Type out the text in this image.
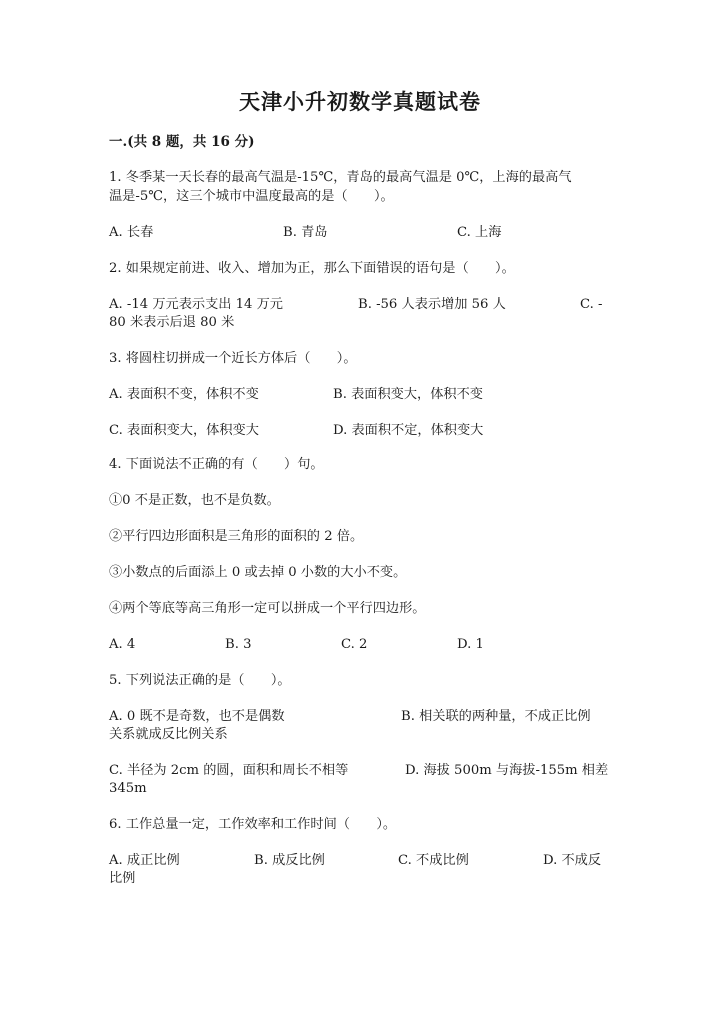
天津小升初数学真题试卷
一.(共 8 题，共 16 分)
1. 冬季某一天长春的最高气温是-15℃，青岛的最高气温是 0℃，上海的最高气
温是-5℃，这三个城市中温度最高的是（　　）。
A. 长春	B. 青岛	C. 上海
2. 如果规定前进、收入、增加为正，那么下面错误的语句是（　　）。
A. -14 万元表示支出 14 万元	B. -56 人表示增加 56 人	C. -
80 米表示后退 80 米
3. 将圆柱切拼成一个近长方体后（　　）。
A. 表面积不变，体积不变	B. 表面积变大，体积不变
C. 表面积变大，体积变大	D. 表面积不定，体积变大
4. 下面说法不正确的有（　　）句。
①0 不是正数，也不是负数。
②平行四边形面积是三角形的面积的 2 倍。
③小数点的后面添上 0 或去掉 0 小数的大小不变。
④两个等底等高三角形一定可以拼成一个平行四边形。
A. 4	B. 3	C. 2	D. 1
5. 下列说法正确的是（　　）。
A. 0 既不是奇数，也不是偶数	B. 相关联的两种量，不成正比例
关系就成反比例关系
C. 半径为 2cm 的圆，面积和周长不相等	D. 海拔 500m 与海拔-155m 相差
345m
6. 工作总量一定，工作效率和工作时间（　　）。
A. 成正比例	B. 成反比例	C. 不成比例	D. 不成反
比例
